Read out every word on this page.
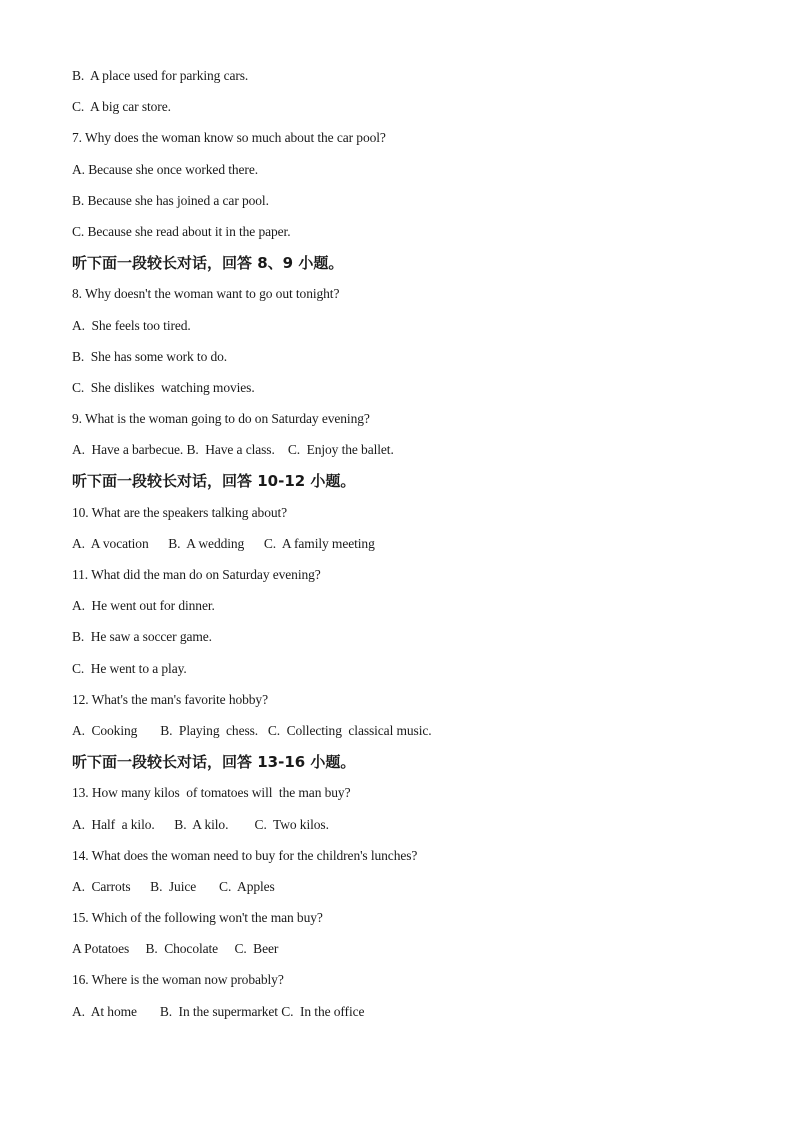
B.  A place used for parking cars.
C.  A big car store.
7. Why does the woman know so much about the car pool?
A. Because she once worked there.
B. Because she has joined a car pool.
C. Because she read about it in the paper.
听下面一段较长对话，回答 8、9 小题。
8. Why doesn't the woman want to go out tonight?
A.  She feels too tired.
B.  She has some work to do.
C.  She dislikes  watching movies.
9. What is the woman going to do on Saturday evening?
A.  Have a barbecue. B.  Have a class.    C.  Enjoy the ballet.
听下面一段较长对话，回答 10-12 小题。
10. What are the speakers talking about?
A.  A vocation      B.  A wedding      C.  A family meeting
11. What did the man do on Saturday evening?
A.  He went out for dinner.
B.  He saw a soccer game.
C.  He went to a play.
12. What's the man's favorite hobby?
A.  Cooking       B.  Playing  chess.   C.  Collecting  classical music.
听下面一段较长对话，回答 13-16 小题。
13. How many kilos  of tomatoes will  the man buy?
A.  Half  a kilo.      B.  A kilo.        C.  Two kilos.
14. What does the woman need to buy for the children's lunches?
A.  Carrots      B.  Juice       C.  Apples
15. Which of the following won't the man buy?
A Potatoes     B.  Chocolate     C.  Beer
16. Where is the woman now probably?
A.  At home       B.  In the supermarket C.  In the office
